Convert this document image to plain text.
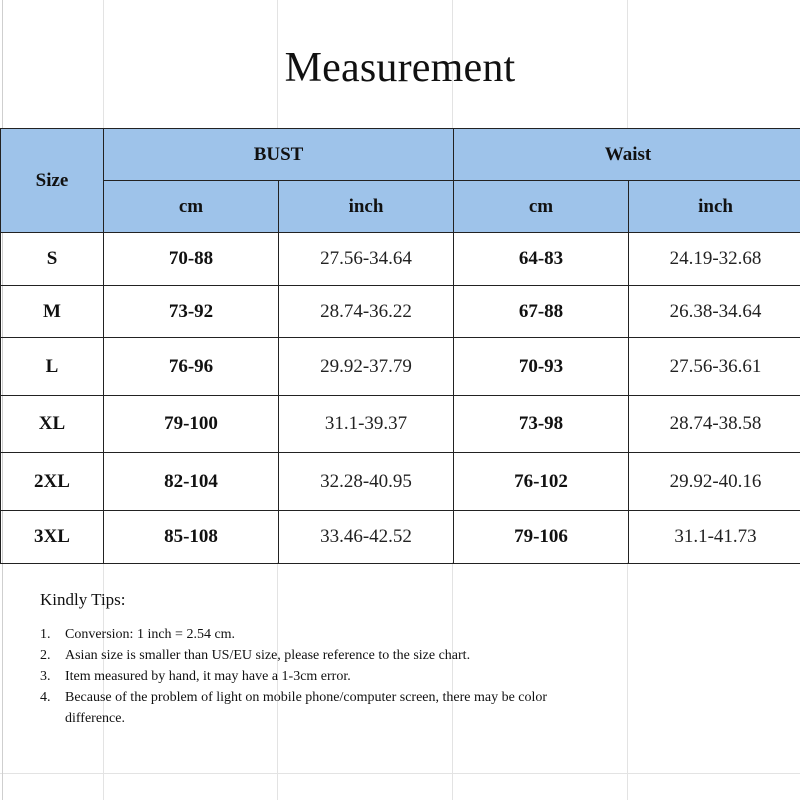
Measurement
Size	BUST		Waist	
	cm	inch	cm	inch
S	70-88	27.56-34.64	64-83	24.19-32.68
M	73-92	28.74-36.22	67-88	26.38-34.64
L	76-96	29.92-37.79	70-93	27.56-36.61
XL	79-100	31.1-39.37	73-98	28.74-38.58
2XL	82-104	32.28-40.95	76-102	29.92-40.16
3XL	85-108	33.46-42.52	79-106	31.1-41.73
Kindly Tips:
1.	Conversion: 1 inch = 2.54 cm.
2.	Asian size is smaller than US/EU size, please reference to the size chart.
3.	Item measured by hand, it may have a 1-3cm error.
4.	Because of the problem of light on mobile phone/computer screen, there may be color difference.
